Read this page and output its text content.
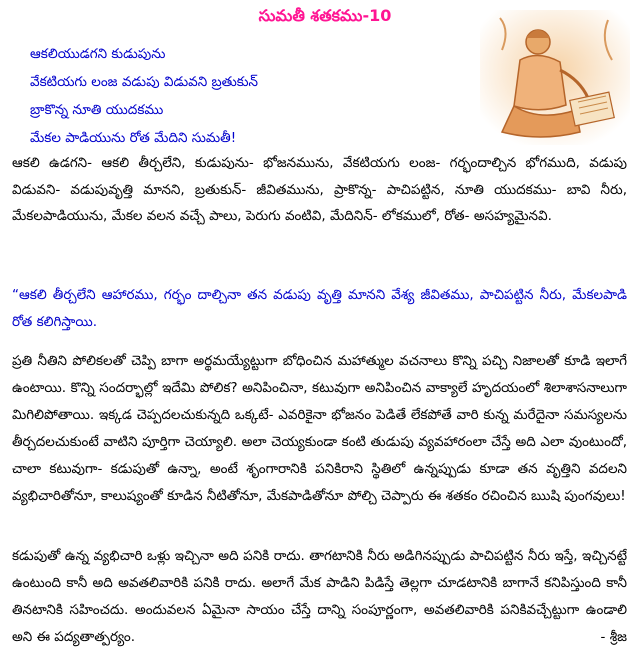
సుమతీ శతకము-10
ఆకలియుడగని కుడుపును
వేకటియగు లంజ వడుపు విడువని బ్రతుకున్
బ్రాకొన్న నూతి యుదకము
మేకల పాడియును రోత మేదిని సుమతీ!
ఆకలి ఉడగని- ఆకలి తీర్చలేని, కుడుపును- భోజనమును, వేకటియగు లంజ- గర్భందాల్చిన భోగముది, వడుపు విడువని- వడుపువృత్తి మానని, బ్రతుకున్- జీవితమును, ప్రాకొన్న- పాచిపట్టిన, నూతి యుదకము- బావి నీరు, మేకలపాడియును, మేకల వలన వచ్చే పాలు, పెరుగు వంటివి, మేదినిన్- లోకములో, రోత- అసహ్యమైనవి.
“ఆకలి తీర్చలేని ఆహారము, గర్భం దాల్చినా తన వడుపు వృత్తి మానని వేశ్య జీవితము, పాచిపట్టిన నీరు, మేకలపాడి రోత కలిగిస్తాయి.
ప్రతి నీతిని పోలికలతో చెప్పి బాగా అర్థమయ్యేట్టుగా బోధించిన మహాత్ముల వచనాలు కొన్ని పచ్చి నిజాలతో కూడి ఇలాగే ఉంటాయి. కొన్ని సందర్భాల్లో ఇదేమి పోలిక? అనిపించినా, కటువుగా అనిపించిన వాక్యాలే హృదయంలో శిలాశాసనాలుగా మిగిలిపోతాయి. ఇక్కడ చెప్పదలచుకున్నది ఒక్కటే- ఎవరికైనా భోజనం పెడితే లేకపోతే వారి కున్న మరేదైనా సమస్యలను తీర్చదలచుకుంటే వాటిని పూర్తిగా చెయ్యాలి. అలా చెయ్యకుండా కంటి తుడుపు వ్యవహారంలా చేస్తే అది ఎలా వుంటుందో, చాలా కటువుగా- కడుపుతో ఉన్నా, అంటే శృంగారానికి పనికిరాని స్థితిలో ఉన్నప్పుడు కూడా తన వృత్తిని వదలని వ్యభిచారితోనూ, కాలుష్యంతో కూడిన నీటితోనూ, మేకపాడితోనూ పోల్చి చెప్పారు ఈ శతకం రచించిన ఋషి పుంగవులు!
కడుపుతో ఉన్న వ్యభిచారి ఒళ్లు ఇచ్చినా అది పనికి రాదు. తాగటానికి నీరు అడిగినప్పుడు పాచిపట్టిన నీరు ఇస్తే, ఇచ్చినట్టే ఉంటుంది కానీ అది అవతలివారికి పనికి రాదు. అలాగే మేక పాడిని పిడిస్తే తెల్లగా చూడటానికి బాగానే కనిపిస్తుంది కానీ తినటానికి సహించదు. అందువలన ఏమైనా సాయం చేస్తే దాన్ని సంపూర్ణంగా, అవతలివారికి పనికివచ్చేట్టుగా ఉండాలి అని ఈ పద్యతాత్పర్యం.	- శ్రీజ
